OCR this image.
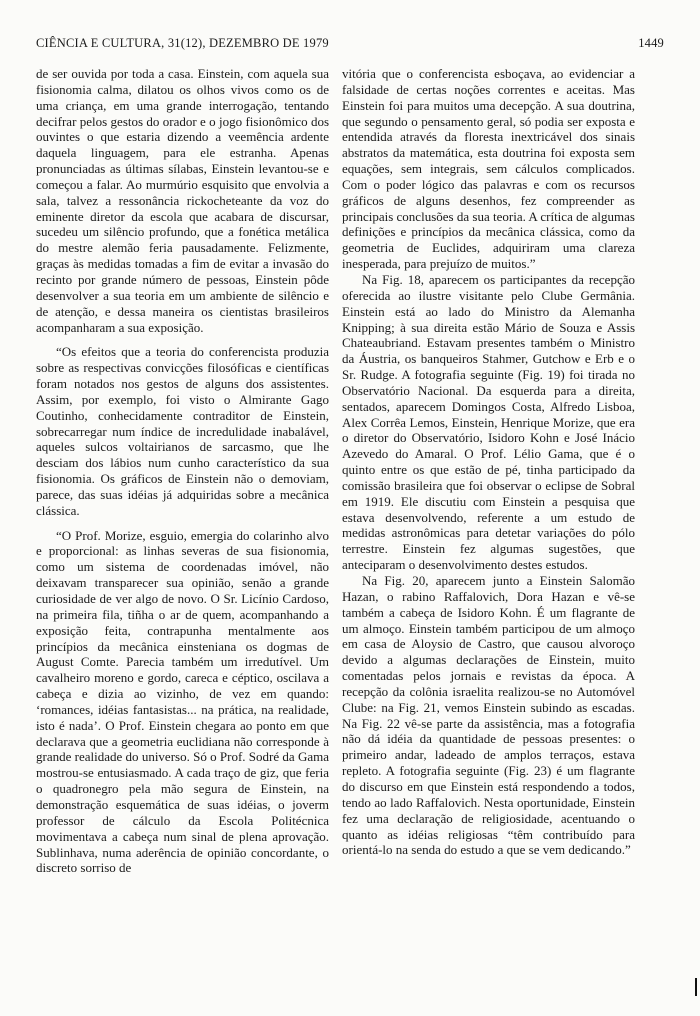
CIÊNCIA E CULTURA, 31(12), DEZEMBRO DE 1979	1449

de ser ouvida por toda a casa. Einstein, com aquela sua fisionomia calma, dilatou os olhos vivos como os de uma criança, em uma grande interrogação, tentando decifrar pelos gestos do orador e o jogo fisionômico dos ouvintes o que estaria dizendo a veemência ardente daquela linguagem, para ele estranha. Apenas pronunciadas as últimas sílabas, Einstein levantou-se e começou a falar. Ao murmúrio esquisito que envolvia a sala, talvez a ressonância rickocheteante da voz do eminente diretor da escola que acabara de discursar, sucedeu um silêncio profundo, que a fonética metálica do mestre alemão feria pausadamente. Felizmente, graças às medidas tomadas a fim de evitar a invasão do recinto por grande número de pessoas, Einstein pôde desenvolver a sua teoria em um ambiente de silêncio e de atenção, e dessa maneira os cientistas brasileiros acompanharam a sua exposição.

“Os efeitos que a teoria do conferencista produzia sobre as respectivas convicções filosóficas e científicas foram notados nos gestos de alguns dos assistentes. Assim, por exemplo, foi visto o Almirante Gago Coutinho, conhecidamente contraditor de Einstein, sobrecarregar num índice de incredulidade inabalável, aqueles sulcos voltairianos de sarcasmo, que lhe desciam dos lábios num cunho característico da sua fisionomia. Os gráficos de Einstein não o demoviam, parece, das suas idéias já adquiridas sobre a mecânica clássica.

“O Prof. Morize, esguio, emergia do colarinho alvo e proporcional: as linhas severas de sua fisionomia, como um sistema de coordenadas imóvel, não deixavam transparecer sua opinião, senão a grande curiosidade de ver algo de novo. O Sr. Licínio Cardoso, na primeira fila, tiñha o ar de quem, acompanhando a exposição feita, contrapunha mentalmente aos princípios da mecânica einsteniana os dogmas de August Comte. Parecia também um irredutível. Um cavalheiro moreno e gordo, careca e céptico, oscilava a cabeça e dizia ao vizinho, de vez em quando: ‘romances, idéias fantasistas... na prática, na realidade, isto é nada’. O Prof. Einstein chegara ao ponto em que declarava que a geometria euclidiana não corresponde à grande realidade do universo. Só o Prof. Sodré da Gama mostrou-se entusiasmado. A cada traço de giz, que feria o quadronegro pela mão segura de Einstein, na demonstração esquemática de suas idéias, o joverm professor de cálculo da Escola Politécnica movimentava a cabeça num sinal de plena aprovação. Sublinhava, numa aderência de opinião concordante, o discreto sorriso de

vitória que o conferencista esboçava, ao evidenciar a falsidade de certas noções correntes e aceitas. Mas Einstein foi para muitos uma decepção. A sua doutrina, que segundo o pensamento geral, só podia ser exposta e entendida através da floresta inextricável dos sinais abstratos da matemática, esta doutrina foi exposta sem equações, sem integrais, sem cálculos complicados. Com o poder lógico das palavras e com os recursos gráficos de alguns desenhos, fez compreender as principais conclusões da sua teoria. A crítica de algumas definições e princípios da mecânica clássica, como da geometria de Euclides, adquiriram uma clareza inesperada, para prejuízo de muitos.”

Na Fig. 18, aparecem os participantes da recepção oferecida ao ilustre visitante pelo Clube Germânia. Einstein está ao lado do Ministro da Alemanha Knipping; à sua direita estão Mário de Souza e Assis Chateaubriand. Estavam presentes também o Ministro da Áustria, os banqueiros Stahmer, Gutchow e Erb e o Sr. Rudge. A fotografia seguinte (Fig. 19) foi tirada no Observatório Nacional. Da esquerda para a direita, sentados, aparecem Domingos Costa, Alfredo Lisboa, Alex Corrêa Lemos, Einstein, Henrique Morize, que era o diretor do Observatório, Isidoro Kohn e José Inácio Azevedo do Amaral. O Prof. Lélio Gama, que é o quinto entre os que estão de pé, tinha participado da comissão brasileira que foi observar o eclipse de Sobral em 1919. Ele discutiu com Einstein a pesquisa que estava desenvolvendo, referente a um estudo de medidas astronômicas para detetar variações do pólo terrestre. Einstein fez algumas sugestões, que anteciparam o desenvolvimento destes estudos.

Na Fig. 20, aparecem junto a Einstein Salomão Hazan, o rabino Raffalovich, Dora Hazan e vê-se também a cabeça de Isidoro Kohn. É um flagrante de um almoço. Einstein também participou de um almoço em casa de Aloysio de Castro, que causou alvoroço devido a algumas declarações de Einstein, muito comentadas pelos jornais e revistas da época. A recepção da colônia israelita realizou-se no Automóvel Clube: na Fig. 21, vemos Einstein subindo as escadas. Na Fig. 22 vê-se parte da assistência, mas a fotografia não dá idéia da quantidade de pessoas presentes: o primeiro andar, ladeado de amplos terraços, estava repleto. A fotografia seguinte (Fig. 23) é um flagrante do discurso em que Einstein está respondendo a todos, tendo ao lado Raffalovich. Nesta oportunidade, Einstein fez uma declaração de religiosidade, acentuando o quanto as idéias religiosas “têm contribuído para orientá-lo na senda do estudo a que se vem dedicando.”
